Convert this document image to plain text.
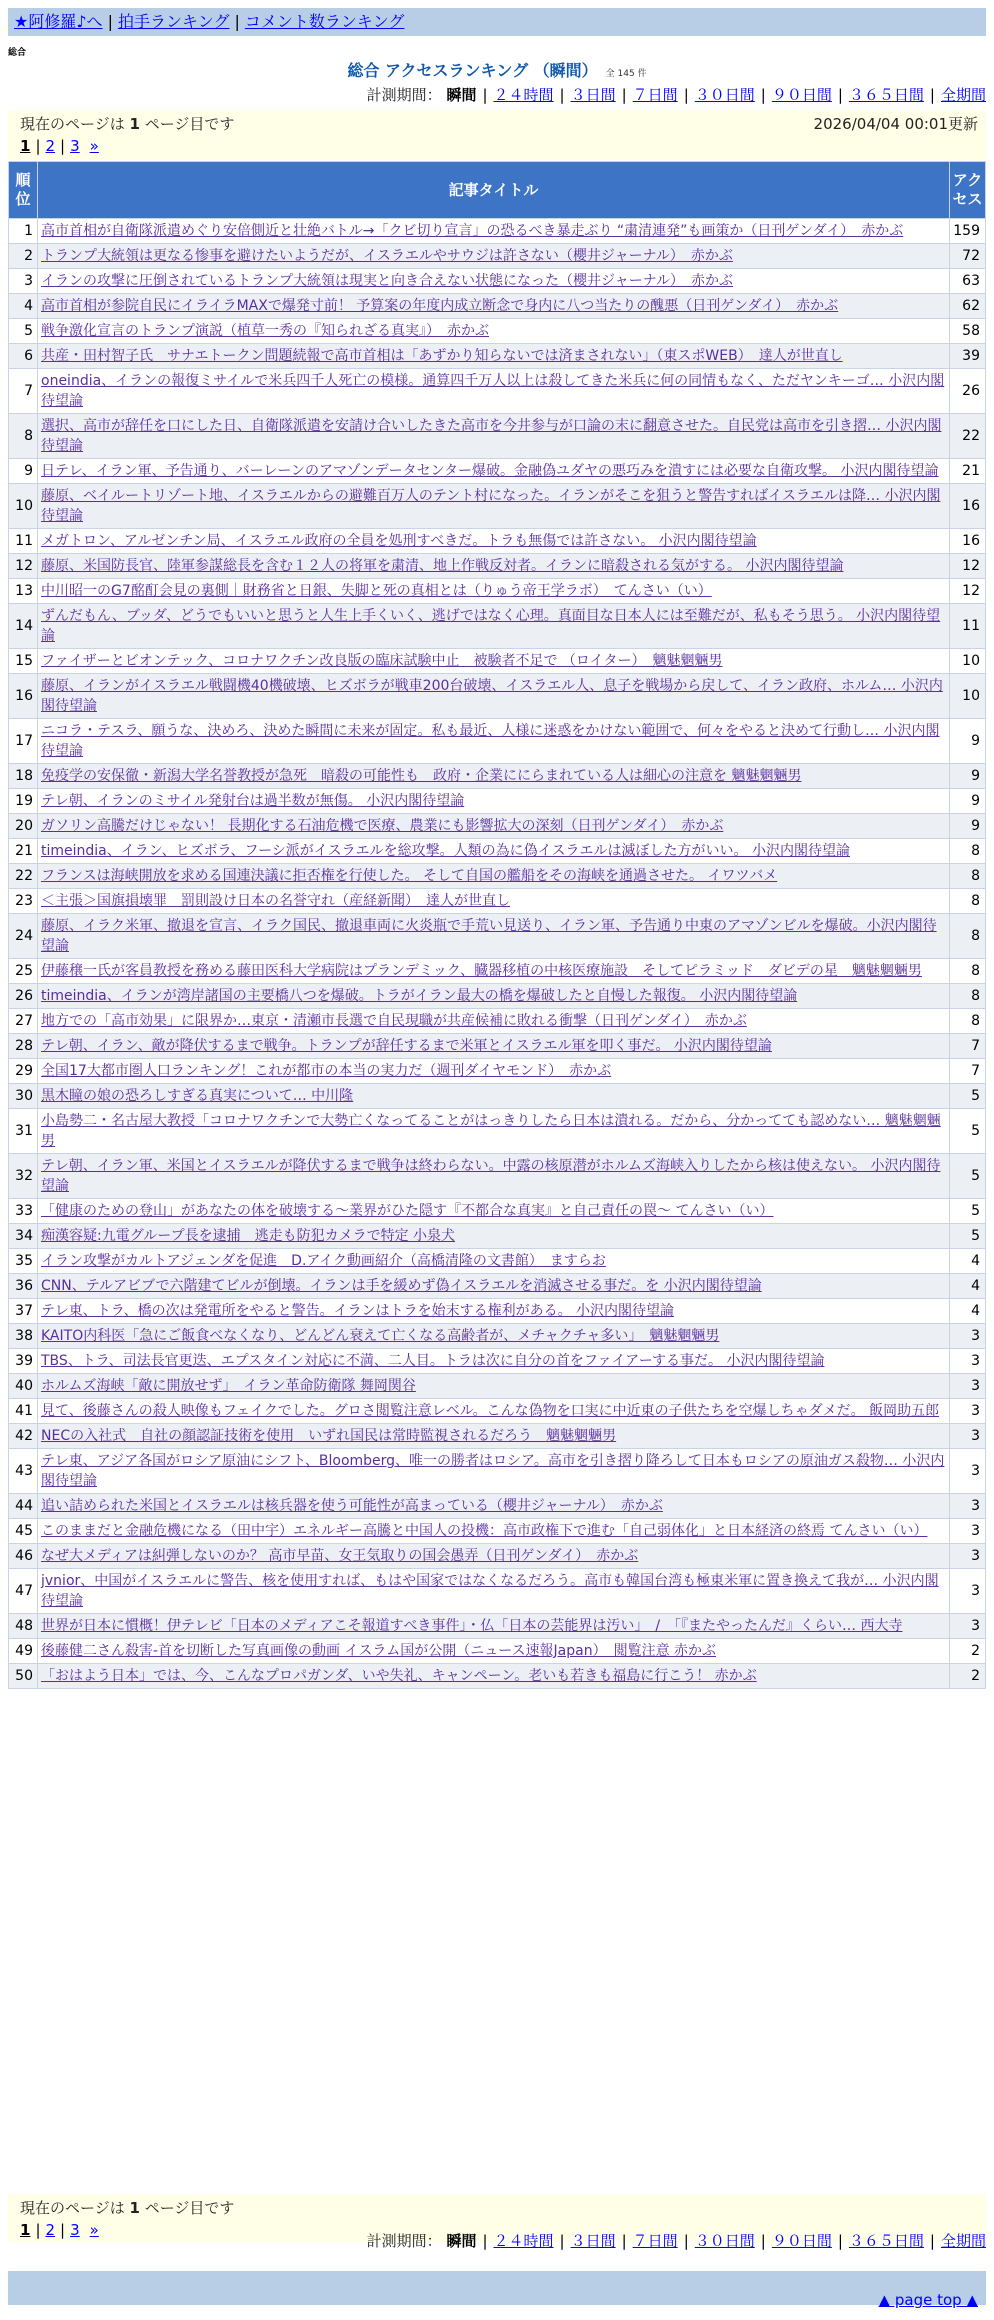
★阿修羅♪へ | 拍手ランキング | コメント数ランキング
総合
総合 アクセスランキング （瞬間） 全 145 件
計測期間： 瞬間 | ２４時間 | ３日間 | ７日間 | ３０日間 | ９０日間 | ３６５日間 | 全期間
現在のページは 1 ページ目です	2026/04/04 00:01更新
1 | 2 | 3 »
順位	記事タイトル	アクセス
1	高市首相が自衛隊派遣めぐり安倍側近と壮絶バトル→「クビ切り宣言」の恐るべき暴走ぶり “粛清連発”も画策か（日刊ゲンダイ）　赤かぶ	159
2	トランプ大統領は更なる惨事を避けたいようだが、イスラエルやサウジは許さない（櫻井ジャーナル）　赤かぶ	72
3	イランの攻撃に圧倒されているトランプ大統領は現実と向き合えない状態になった（櫻井ジャーナル）　赤かぶ	63
4	高市首相が参院自民にイライラMAXで爆発寸前！ 予算案の年度内成立断念で身内に八つ当たりの醜悪（日刊ゲンダイ）　赤かぶ	62
5	戦争激化宣言のトランプ演説（植草一秀の『知られざる真実』）　赤かぶ	58
6	共産・田村智子氏　サナエトークン問題続報で高市首相は「あずかり知らないでは済まされない」（東スポWEB）　達人が世直し	39
7	oneindia、イランの報復ミサイルで米兵四千人死亡の模様。通算四千万人以上は殺してきた米兵に何の同情もなく、ただヤンキーゴ… 小沢内閣待望論	26
8	選択、高市が辞任を口にした日、自衛隊派遣を安請け合いしたきた高市を今井参与が口論の末に翻意させた。自民党は高市を引き摺… 小沢内閣待望論	22
9	日テレ、イラン軍、予告通り、バーレーンのアマゾンデータセンター爆破。金融偽ユダヤの悪巧みを潰すには必要な自衛攻撃。 小沢内閣待望論	21
10	藤原、ベイルートリゾート地、イスラエルからの避難百万人のテント村になった。イランがそこを狙うと警告すればイスラエルは降… 小沢内閣待望論	16
11	メガトロン、アルゼンチン局、イスラエル政府の全員を処刑すべきだ。トラも無傷では許さない。 小沢内閣待望論	16
12	藤原、米国防長官、陸軍参謀総長を含む１２人の将軍を粛清、地上作戦反対者。イランに暗殺される気がする。 小沢内閣待望論	12
13	中川昭一のG7酩酊会見の裏側｜財務省と日銀、失脚と死の真相とは（りゅう帝王学ラボ）　てんさい（い）	12
14	ずんだもん、ブッダ、どうでもいいと思うと人生上手くいく、逃げではなく心理。真面目な日本人には至難だが、私もそう思う。 小沢内閣待望論	11
15	ファイザーとビオンテック、コロナワクチン改良版の臨床試験中止　被験者不足で （ロイター）　魑魅魍魎男	10
16	藤原、イランがイスラエル戦闘機40機破壊、ヒズボラが戦車200台破壊、イスラエル人、息子を戦場から戻して、イラン政府、ホルム… 小沢内閣待望論	10
17	ニコラ・テスラ、願うな、決めろ、決めた瞬間に未来が固定。私も最近、人様に迷惑をかけない範囲で、何々をやると決めて行動し… 小沢内閣待望論	9
18	免疫学の安保徹・新潟大学名誉教授が急死　暗殺の可能性も　政府・企業ににらまれている人は細心の注意を 魑魅魍魎男	9
19	テレ朝、イランのミサイル発射台は過半数が無傷。 小沢内閣待望論	9
20	ガソリン高騰だけじゃない！ 長期化する石油危機で医療、農業にも影響拡大の深刻（日刊ゲンダイ）　赤かぶ	9
21	timeindia、イラン、ヒズボラ、フーシ派がイスラエルを総攻撃。人類の為に偽イスラエルは滅ぼした方がいい。 小沢内閣待望論	8
22	フランスは海峡開放を求める国連決議に拒否権を行使した。 そして自国の艦船をその海峡を通過させた。 イワツバメ	8
23	＜主張＞国旗損壊罪　罰則設け日本の名誉守れ（産経新聞）　達人が世直し	8
24	藤原、イラク米軍、撤退を宣言、イラク国民、撤退車両に火炎瓶で手荒い見送り、イラン軍、予告通り中東のアマゾンビルを爆破。小沢内閣待望論	8
25	伊藤穣一氏が客員教授を務める藤田医科大学病院はプランデミック、臓器移植の中核医療施設　そしてピラミッド　ダビデの星　魑魅魍魎男	8
26	timeindia、イランが湾岸諸国の主要橋八つを爆破。トラがイラン最大の橋を爆破したと自慢した報復。 小沢内閣待望論	8
27	地方での「高市効果」に限界か…東京・清瀬市長選で自民現職が共産候補に敗れる衝撃（日刊ゲンダイ）　赤かぶ	8
28	テレ朝、イラン、敵が降伏するまで戦争。トランプが辞任するまで米軍とイスラエル軍を叩く事だ。 小沢内閣待望論	7
29	全国17大都市圏人口ランキング！これが都市の本当の実力だ（週刊ダイヤモンド）　赤かぶ	7
30	黒木瞳の娘の恐ろしすぎる真実について… 中川隆	5
31	小島勢二・名古屋大教授「コロナワクチンで大勢亡くなってることがはっきりしたら日本は潰れる。だから、分かってても認めない… 魑魅魍魎男	5
32	テレ朝、イラン軍、米国とイスラエルが降伏するまで戦争は終わらない。中露の核原潜がホルムズ海峡入りしたから核は使えない。 小沢内閣待望論	5
33	「健康のための登山」があなたの体を破壊する～業界がひた隠す『不都合な真実』と自己責任の罠～ てんさい（い）	5
34	痴漢容疑:九電グループ長を逮捕　逃走も防犯カメラで特定 小泉犬	5
35	イラン攻撃がカルトアジェンダを促進　D.アイク動画紹介（高橋清隆の文書館）　ますらお	4
36	CNN、テルアビブで六階建てビルが倒壊。イランは手を緩めず偽イスラエルを消滅させる事だ。を 小沢内閣待望論	4
37	テレ東、トラ、橋の次は発電所をやると警告。イランはトラを始末する権利がある。 小沢内閣待望論	4
38	KAITO内科医「急にご飯食べなくなり、どんどん衰えて亡くなる高齢者が、メチャクチャ多い」　魑魅魍魎男	3
39	TBS、トラ、司法長官更迭、エプスタイン対応に不満、二人目。トラは次に自分の首をファイアーする事だ。 小沢内閣待望論	3
40	ホルムズ海峡「敵に開放せず」　イラン革命防衛隊 舞岡関谷	3
41	見て、後藤さんの殺人映像もフェイクでした。グロさ閲覧注意レベル。こんな偽物を口実に中近東の子供たちを空爆しちゃダメだ。 飯岡助五郎	3
42	NECの入社式　自社の顔認証技術を使用　いずれ国民は常時監視されるだろう　魑魅魍魎男	3
43	テレ東、アジア各国がロシア原油にシフト、Bloomberg、唯一の勝者はロシア。高市を引き摺り降ろして日本もロシアの原油ガス殺物… 小沢内閣待望論	3
44	追い詰められた米国とイスラエルは核兵器を使う可能性が高まっている（櫻井ジャーナル）　赤かぶ	3
45	このままだと金融危機になる（田中宇）エネルギー高騰と中国人の投機：高市政権下で進む「自己弱体化」と日本経済の終焉 てんさい（い）	3
46	なぜ大メディアは糾弾しないのか？ 高市早苗、女王気取りの国会愚弄（日刊ゲンダイ）　赤かぶ	3
47	jvnior、中国がイスラエルに警告、核を使用すれば、もはや国家ではなくなるだろう。高市も韓国台湾も極東米軍に置き換えて我が… 小沢内閣待望論	3
48	世界が日本に慣概！伊テレビ「日本のメディアこそ報道すべき事件」・仏「日本の芸能界は汚い」　/　「『またやったんだ』くらい… 西大寺	3
49	後藤健二さん殺害-首を切断した写真画像の動画 イスラム国が公開（ニュース速報Japan）　閲覧注意 赤かぶ	2
50	「おはよう日本」では、今、こんなプロパガンダ、いや失礼、キャンペーン。老いも若きも福島に行こう！ 赤かぶ	2
現在のページは 1 ページ目です
1 | 2 | 3 »
計測期間： 瞬間 | ２４時間 | ３日間 | ７日間 | ３０日間 | ９０日間 | ３６５日間 | 全期間
▲ page top ▲
